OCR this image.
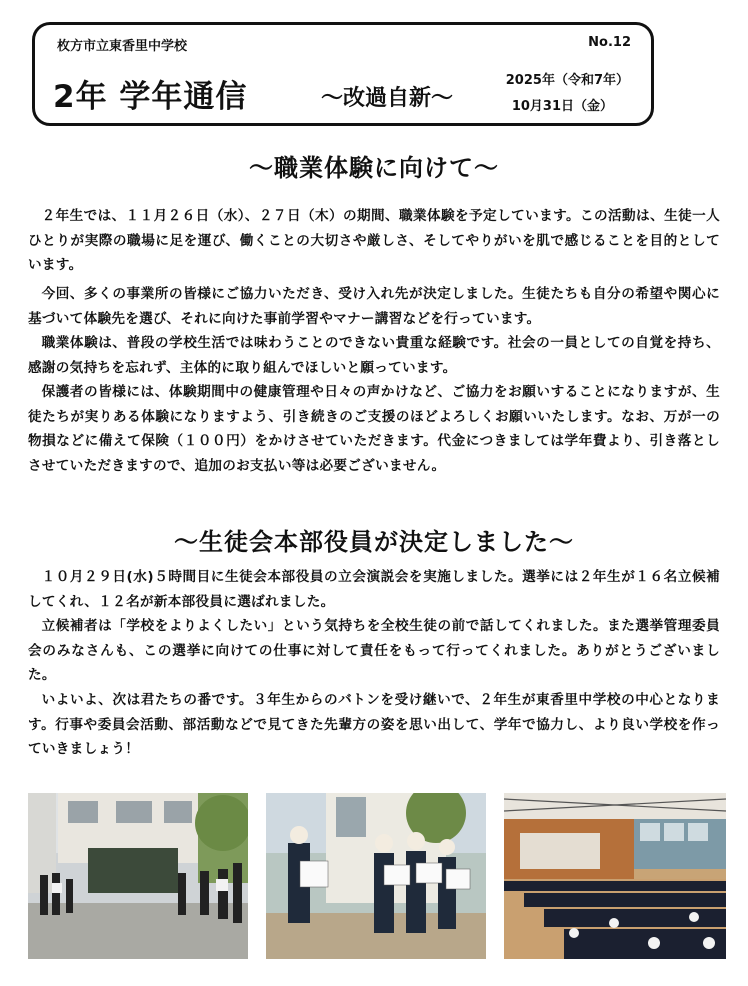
枚方市立東香里中学校	No.12
2年 学年通信	～改過自新～
2025年（令和7年）
10月31日（金）
～職業体験に向けて～

２年生では、１１月２６日（水）、２７日（木）の期間、職業体験を予定しています。この活動は、生徒一人ひとりが実際の職場に足を運び、働くことの大切さや厳しさ、そしてやりがいを肌で感じることを目的としています。

今回、多くの事業所の皆様にご協力いただき、受け入れ先が決定しました。生徒たちも自分の希望や関心に基づいて体験先を選び、それに向けた事前学習やマナー講習などを行っています。

職業体験は、普段の学校生活では味わうことのできない貴重な経験です。社会の一員としての自覚を持ち、感謝の気持ちを忘れず、主体的に取り組んでほしいと願っています。

保護者の皆様には、体験期間中の健康管理や日々の声かけなど、ご協力をお願いすることになりますが、生徒たちが実りある体験になりますよう、引き続きのご支援のほどよろしくお願いいたします。なお、万が一の物損などに備えて保険（１００円）をかけさせていただきます。代金につきましては学年費より、引き落としさせていただきますので、追加のお支払い等は必要ございません。

～生徒会本部役員が決定しました～

１０月２９日(水)５時間目に生徒会本部役員の立会演説会を実施しました。選挙には２年生が１６名立候補してくれ、１２名が新本部役員に選ばれました。

立候補者は「学校をよりよくしたい」という気持ちを全校生徒の前で話してくれました。また選挙管理委員会のみなさんも、この選挙に向けての仕事に対して責任をもって行ってくれました。ありがとうございました。

いよいよ、次は君たちの番です。３年生からのバトンを受け継いで、２年生が東香里中学校の中心となります。行事や委員会活動、部活動などで見てきた先輩方の姿を思い出して、学年で協力し、より良い学校を作っていきましょう！
